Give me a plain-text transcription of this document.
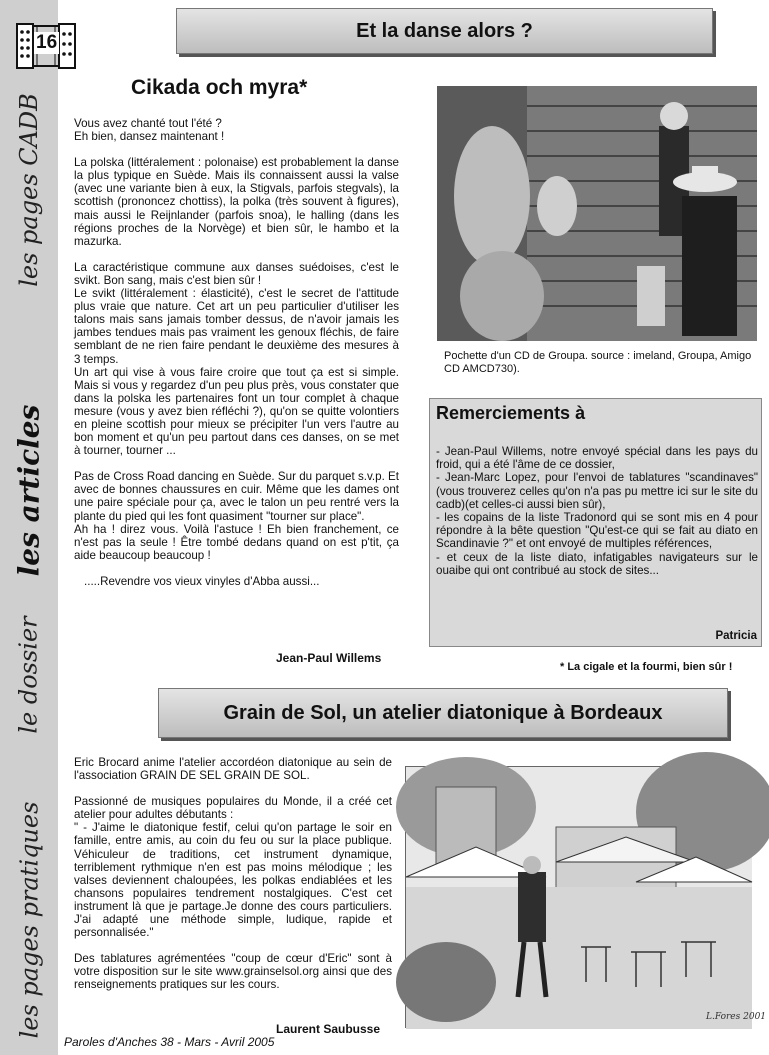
les pages CADB
les articles
le dossier
les pages pratiques
16
Et la danse alors ?
Cikada och myra*

Vous avez chanté tout l'été ?

Eh bien, dansez maintenant !

La polska (littéralement : polonaise) est probablement la danse la plus typique en Suède. Mais ils connaissent aussi la valse (avec une variante bien à eux, la Stigvals, parfois stegvals), la scottish (prononcez chottiss), la polka (très souvent à figures), mais aussi le Reijnlander (parfois snoa), le halling (dans les régions proches de la Norvège) et bien sûr, le hambo et la mazurka.

La caractéristique commune aux danses suédoises, c'est le svikt. Bon sang, mais c'est bien sûr !

Le svikt (littéralement : élasticité), c'est le secret de l'attitude plus vraie que nature. Cet art un peu particulier d'utiliser les talons mais sans jamais tomber dessus, de n'avoir jamais les jambes tendues mais pas vraiment les genoux fléchis, de faire semblant de ne rien faire pendant le deuxième des mesures à 3 temps.

Un art qui vise à vous faire croire que tout ça est si simple. Mais si vous y regardez d'un peu plus près, vous constater que dans la polska les partenaires font un tour complet à chaque mesure (vous y avez bien réfléchi ?), qu'on se quitte volontiers en pleine scottish pour mieux se précipiter l'un vers l'autre au bon moment et qu'un peu partout dans ces danses, on se met à tourner, tourner ...

Pas de Cross Road dancing en Suède. Sur du parquet s.v.p. Et avec de bonnes chaussures en cuir. Même que les dames ont une paire spéciale pour ça, avec le talon un peu rentré vers la plante du pied qui les font quasiment "tourner sur place".

Ah ha ! direz vous. Voilà l'astuce ! Eh bien franchement, ce n'est pas la seule ! Être tombé dedans quand on est p'tit, ça aide beaucoup beaucoup !

.....Revendre vos vieux vinyles d'Abba aussi...

Jean-Paul Willems
Pochette d'un CD de Groupa. source : imeland, Groupa, Amigo CD AMCD730).
Remerciements à
- Jean-Paul Willems, notre envoyé spécial dans les pays du froid, qui a été l'âme de ce dossier,
- Jean-Marc Lopez, pour l'envoi de tablatures "scandinaves" (vous trouverez celles qu'on n'a pas pu mettre ici sur le site du cadb)(et celles-ci aussi bien sûr),
- les copains de la liste Tradonord qui se sont mis en 4 pour répondre à la bête question "Qu'est-ce qui se fait au diato en Scandinavie ?" et ont envoyé de multiples références,
- et ceux de la liste diato, infatigables navigateurs sur le ouaibe qui ont contribué au stock de sites...
Patricia
* La cigale et la fourmi, bien sûr !
Grain de Sol, un atelier diatonique à Bordeaux

Eric Brocard anime l'atelier accordéon diatonique au sein de l'association GRAIN DE SEL GRAIN DE SOL.

Passionné de musiques populaires du Monde, il a créé cet atelier pour adultes débutants :

" - J'aime le diatonique festif, celui qu'on partage le soir en famille, entre amis, au coin du feu ou sur la place publique. Véhiculeur de traditions, cet instrument dynamique, terriblement rythmique n'en est pas moins mélodique ; les valses deviennent chaloupées, les polkas endiablées et les chansons populaires tendrement nostalgiques. C'est cet instrument là que je partage.Je donne des cours particuliers. J'ai adapté une méthode simple, ludique, rapide et personnalisée."

Des tablatures agrémentées "coup de cœur d'Eric" sont à votre disposition sur le site www.grainselsol.org ainsi que des renseignements pratiques sur les cours.

Laurent Saubusse
L.Fores 2001
Paroles d'Anches 38 - Mars - Avril 2005
